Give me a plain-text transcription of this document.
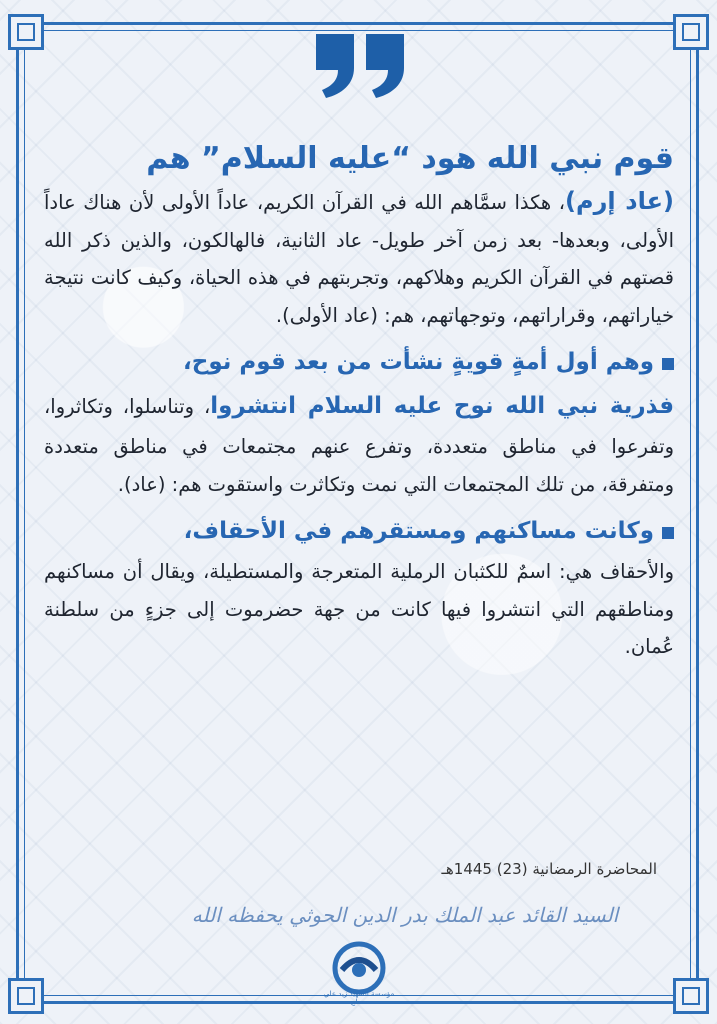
قوم نبي الله هود “عليه السلام” هم

(عاد إرم)، هكذا سمَّاهم الله في القرآن الكريم، عاداً الأولى لأن هناك عاداً الأولى، وبعدها- بعد زمن آخر طويل- عاد الثانية، فالهالكون، والذين ذكر الله قصتهم في القرآن الكريم وهلاكهم، وتجربتهم في هذه الحياة، وكيف كانت نتيجة خياراتهم، وقراراتهم، وتوجهاتهم، هم: (عاد الأولى).

وهم أول أمةٍ قويةٍ نشأت من بعد قوم نوح،
فذرية نبي الله نوح عليه السلام انتشروا، وتناسلوا، وتكاثروا، وتفرعوا في مناطق متعددة، وتفرع عنهم مجتمعات في مناطق متعددة ومتفرقة، من تلك المجتمعات التي نمت وتكاثرت واستقوت هم: (عاد).

وكانت مساكنهم ومستقرهم في الأحقاف،
والأحقاف هي: اسمٌ للكثبان الرملية المتعرجة والمستطيلة، ويقال أن مساكنهم ومناطقهم التي انتشروا فيها كانت من جهة حضرموت إلى جزءٍ من سلطنة عُمان.

المحاضرة الرمضانية (23) 1445هـ
السيد القائد عبد الملك بدر الدين الحوثي يحفظه الله
مؤسسة الشهيد زيد علي مصلح
